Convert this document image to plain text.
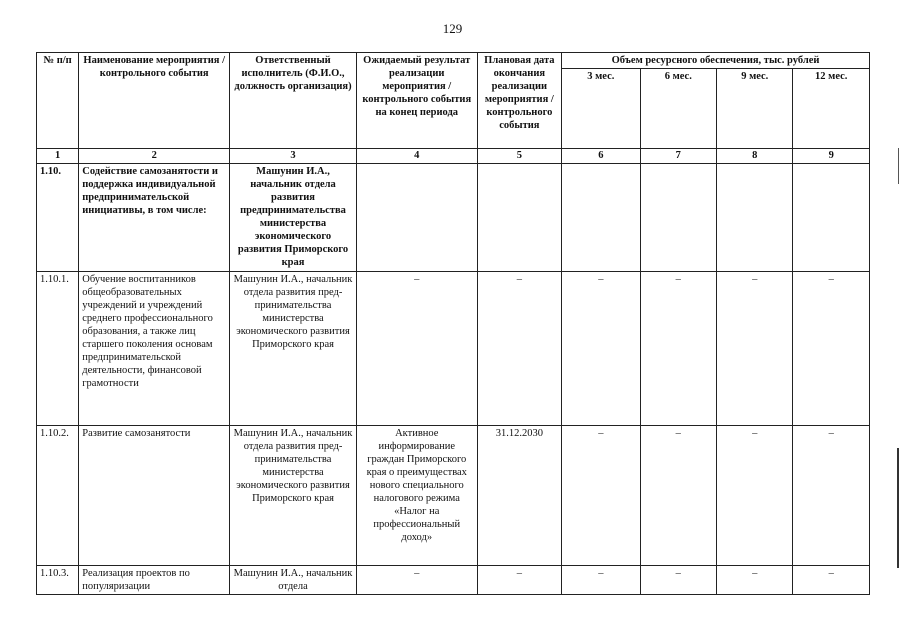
129
№ п/п	Наименование мероприятия / контрольного события	Ответственный исполнитель (Ф.И.О., должность организация)	Ожидаемый результат реализации мероприятия / контрольного события на конец периода	Плановая дата окончания реализации мероприятия / контрольного события	Объем ресурсного обеспечения, тыс. рублей			
					3 мес.	6 мес.	9 мес.	12 мес.
1	2	3	4	5	6	7	8	9
1.10.	Содействие самозанятости и поддержка индивидуальной предпринимательской инициативы, в том числе:	Машунин И.А., начальник отдела развития предпринимательства министерства экономического развития Приморского края						
1.10.1.	Обучение воспитанников общеобразовательных учреждений и учреждений среднего профессионального образования, а также лиц старшего поколения основам предпринимательской деятельности, финансовой грамотности	Машунин И.А., начальник отдела развития пред-принимательства министерства экономического развития Приморского края	–	–	–	–	–	–
1.10.2.	Развитие самозанятости	Машунин И.А., начальник отдела развития пред-принимательства министерства экономического развития Приморского края	Активное информирование граждан Приморского края о преимуществах нового специального налогового режима «Налог на профессиональный доход»	31.12.2030	–	–	–	–
1.10.3.	Реализация проектов по популяризации	Машунин И.А., начальник отдела	–	–	–	–	–	–
